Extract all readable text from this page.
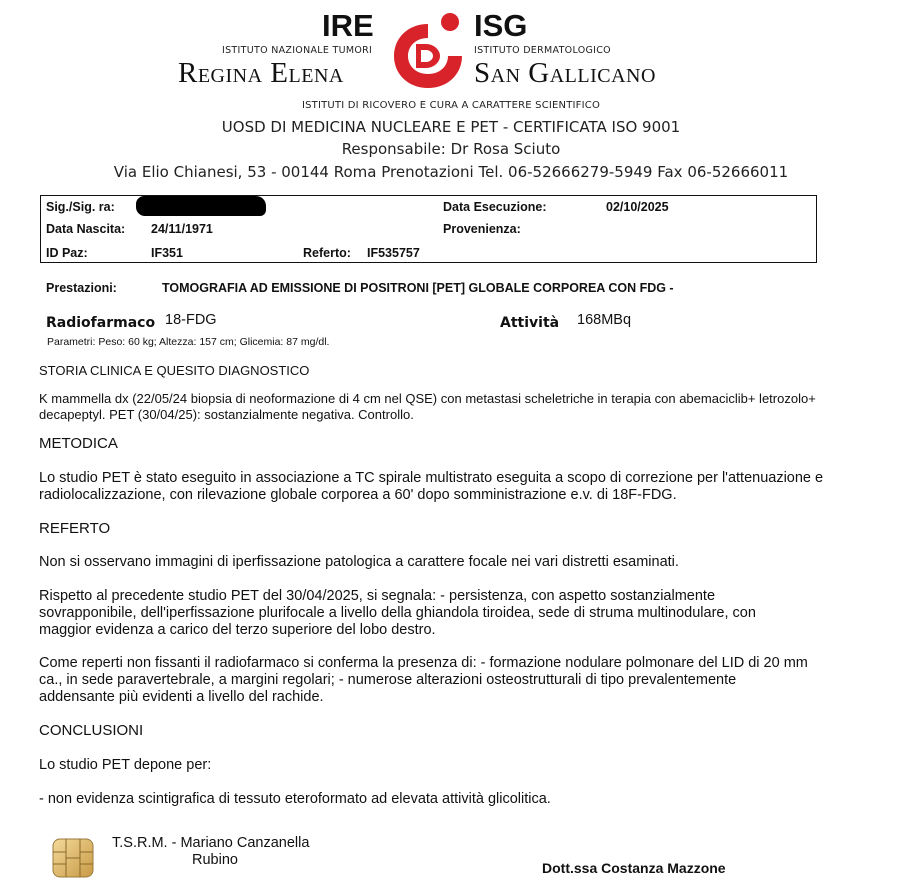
IRE
ISTITUTO NAZIONALE TUMORI
Regina Elena
ISG
ISTITUTO DERMATOLOGICO
San Gallicano
ISTITUTI DI RICOVERO E CURA A CARATTERE SCIENTIFICO
UOSD DI MEDICINA NUCLEARE E PET - CERTIFICATA ISO 9001
Responsabile: Dr Rosa Sciuto
Via Elio Chianesi, 53 - 00144 Roma Prenotazioni Tel. 06-52666279-5949 Fax 06-52666011
Sig./Sig. ra:	Data Esecuzione:	02/10/2025
Data Nascita: 24/11/1971	Provenienza:
ID Paz:	IF351	Referto: IF535757
Prestazioni:	TOMOGRAFIA AD EMISSIONE DI POSITRONI [PET] GLOBALE CORPOREA CON FDG -
Radiofarmaco 18-FDG	Attività 168MBq
Parametri: Peso: 60 kg; Altezza: 157 cm; Glicemia: 87 mg/dl.
STORIA CLINICA E QUESITO DIAGNOSTICO
K mammella dx (22/05/24 biopsia di neoformazione di 4 cm nel QSE) con metastasi scheletriche in terapia con abemaciclib+ letrozolo+ decapeptyl. PET (30/04/25): sostanzialmente negativa. Controllo.
METODICA
Lo studio PET è stato eseguito in associazione a TC spirale multistrato eseguita a scopo di correzione per l'attenuazione e radiolocalizzazione, con rilevazione globale corporea a 60' dopo somministrazione e.v. di 18F-FDG.
REFERTO
Non si osservano immagini di iperfissazione patologica a carattere focale nei vari distretti esaminati.
Rispetto al precedente studio PET del 30/04/2025, si segnala: - persistenza, con aspetto sostanzialmente sovrapponibile, dell'iperfissazione plurifocale a livello della ghiandola tiroidea, sede di struma multinodulare, con maggior evidenza a carico del terzo superiore del lobo destro.
Come reperti non fissanti il radiofarmaco si conferma la presenza di: - formazione nodulare polmonare del LID di 20 mm ca., in sede paravertebrale, a margini regolari; - numerose alterazioni osteostrutturali di tipo prevalentemente addensante più evidenti a livello del rachide.
CONCLUSIONI
Lo studio PET depone per:
- non evidenza scintigrafica di tessuto eteroformato ad elevata attività glicolitica.
T.S.R.M. - Mariano Canzanella
Rubino	Dott.ssa Costanza Mazzone
